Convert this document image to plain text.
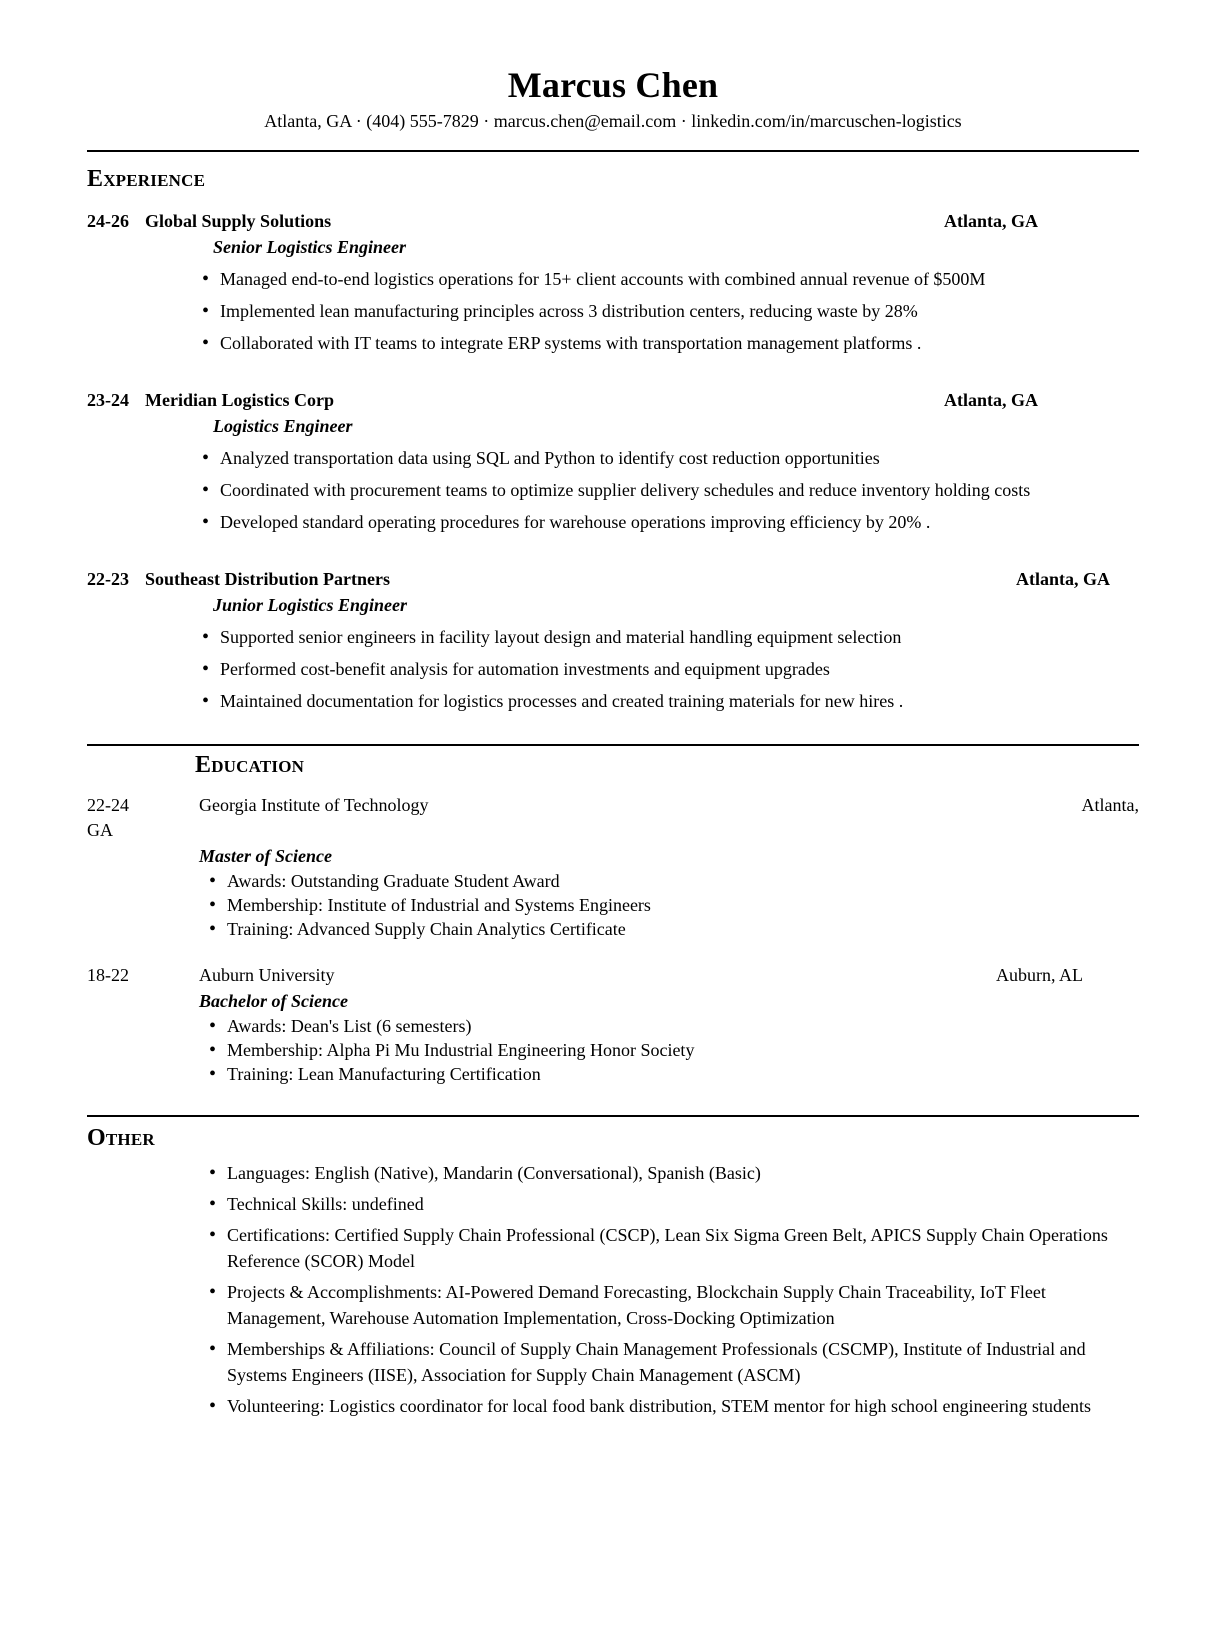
Marcus Chen
Atlanta, GA · (404) 555-7829 · marcus.chen@email.com · linkedin.com/in/marcuschen-logistics
Experience
24-26 Global Supply Solutions	Atlanta, GA
Senior Logistics Engineer
• Managed end-to-end logistics operations for 15+ client accounts with combined annual revenue of $500M
• Implemented lean manufacturing principles across 3 distribution centers, reducing waste by 28%
• Collaborated with IT teams to integrate ERP systems with transportation management platforms .
23-24 Meridian Logistics Corp	Atlanta, GA
Logistics Engineer
• Analyzed transportation data using SQL and Python to identify cost reduction opportunities
• Coordinated with procurement teams to optimize supplier delivery schedules and reduce inventory holding costs
• Developed standard operating procedures for warehouse operations improving efficiency by 20% .
22-23 Southeast Distribution Partners	Atlanta, GA
Junior Logistics Engineer
• Supported senior engineers in facility layout design and material handling equipment selection
• Performed cost-benefit analysis for automation investments and equipment upgrades
• Maintained documentation for logistics processes and created training materials for new hires .
Education
22-24	Georgia Institute of Technology	Atlanta,
GA
Master of Science
• Awards: Outstanding Graduate Student Award
• Membership: Institute of Industrial and Systems Engineers
• Training: Advanced Supply Chain Analytics Certificate
18-22	Auburn University	Auburn, AL
Bachelor of Science
• Awards: Dean's List (6 semesters)
• Membership: Alpha Pi Mu Industrial Engineering Honor Society
• Training: Lean Manufacturing Certification
Other
• Languages: English (Native), Mandarin (Conversational), Spanish (Basic)
• Technical Skills: undefined
• Certifications: Certified Supply Chain Professional (CSCP), Lean Six Sigma Green Belt, APICS Supply Chain Operations Reference (SCOR) Model
• Projects & Accomplishments: AI-Powered Demand Forecasting, Blockchain Supply Chain Traceability, IoT Fleet Management, Warehouse Automation Implementation, Cross-Docking Optimization
• Memberships & Affiliations: Council of Supply Chain Management Professionals (CSCMP), Institute of Industrial and Systems Engineers (IISE), Association for Supply Chain Management (ASCM)
• Volunteering: Logistics coordinator for local food bank distribution, STEM mentor for high school engineering students
